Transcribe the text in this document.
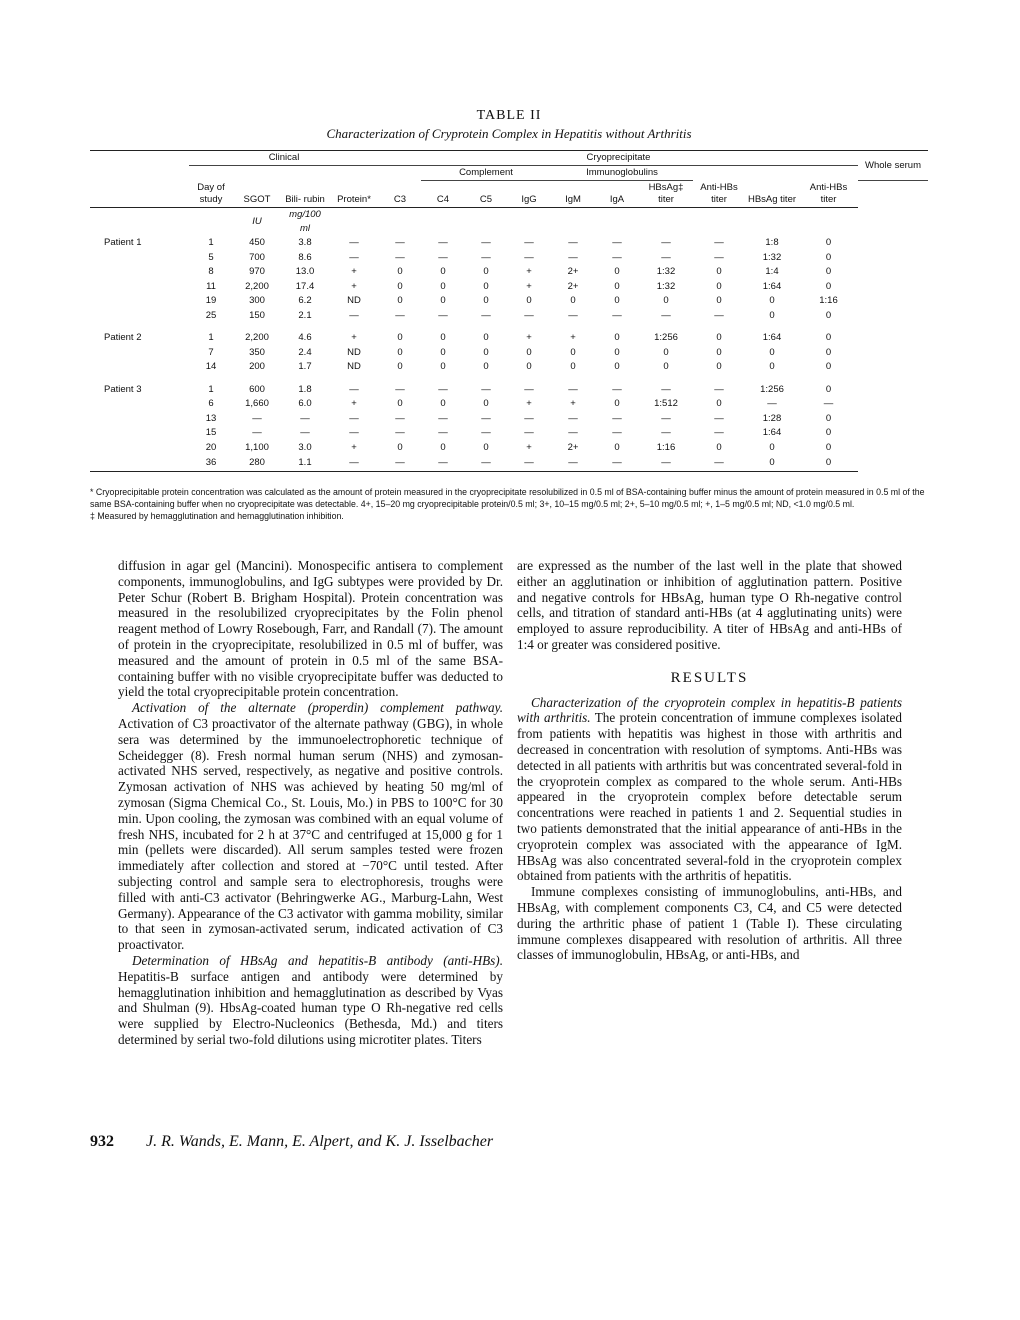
TABLE II
Characterization of Cryprotein Complex in Hepatitis without Arthritis
	Clinical				Cryoprecipitate										Whole serum
						Complement			Immunoglobulins						
	Day of study	SGOT	Bili- rubin	Protein*	C3	C4	C5	IgG	IgM	IgA	HBsAg‡ titer	Anti-HBs titer	HBsAg titer	Anti-HBs titer	
		IU	mg/100 ml												
Patient 1	1	450	3.8	—	—	—	—	—	—	—	—	—	1:8	0	
	5	700	8.6	—	—	—	—	—	—	—	—	—	1:32	0	
	8	970	13.0	+	0	0	0	+	2+	0	1:32	0	1:4	0	
	11	2,200	17.4	+	0	0	0	+	2+	0	1:32	0	1:64	0	
	19	300	6.2	ND	0	0	0	0	0	0	0	0	0	1:16	
	25	150	2.1	—	—	—	—	—	—	—	—	—	0	0	

Patient 2	1	2,200	4.6	+	0	0	0	+	+	0	1:256	0	1:64	0	
	7	350	2.4	ND	0	0	0	0	0	0	0	0	0	0	
	14	200	1.7	ND	0	0	0	0	0	0	0	0	0	0	

Patient 3	1	600	1.8	—	—	—	—	—	—	—	—	—	1:256	0	
	6	1,660	6.0	+	0	0	0	+	+	0	1:512	0	—	—	
	13	—	—	—	—	—	—	—	—	—	—	—	1:28	0	
	15	—	—	—	—	—	—	—	—	—	—	—	1:64	0	
	20	1,100	3.0	+	0	0	0	+	2+	0	1:16	0	0	0	
	36	280	1.1	—	—	—	—	—	—	—	—	—	0	0	

* Cryoprecipitable protein concentration was calculated as the amount of protein measured in the cryoprecipitate resolubilized in 0.5 ml of BSA-containing buffer minus the amount of protein measured in 0.5 ml of the same BSA-containing buffer when no cryoprecipitate was detectable. 4+, 15–20 mg cryoprecipitable protein/0.5 ml; 3+, 10–15 mg/0.5 ml; 2+, 5–10 mg/0.5 ml; +, 1–5 mg/0.5 ml; ND, <1.0 mg/0.5 ml.

‡ Measured by hemagglutination and hemagglutination inhibition.

diffusion in agar gel (Mancini). Monospecific antisera to complement components, immunoglobulins, and IgG subtypes were provided by Dr. Peter Schur (Robert B. Brigham Hospital). Protein concentration was measured in the resolubilized cryoprecipitates by the Folin phenol reagent method of Lowry Rosebough, Farr, and Randall (7). The amount of protein in the cryoprecipitate, resolubilized in 0.5 ml of buffer, was measured and the amount of protein in 0.5 ml of the same BSA-containing buffer with no visible cryoprecipitate buffer was deducted to yield the total cryoprecipitable protein concentration.

Activation of the alternate (properdin) complement pathway. Activation of C3 proactivator of the alternate pathway (GBG), in whole sera was determined by the immunoelectrophoretic technique of Scheidegger (8). Fresh normal human serum (NHS) and zymosan-activated NHS served, respectively, as negative and positive controls. Zymosan activation of NHS was achieved by heating 50 mg/ml of zymosan (Sigma Chemical Co., St. Louis, Mo.) in PBS to 100°C for 30 min. Upon cooling, the zymosan was combined with an equal volume of fresh NHS, incubated for 2 h at 37°C and centrifuged at 15,000 g for 1 min (pellets were discarded). All serum samples tested were frozen immediately after collection and stored at −70°C until tested. After subjecting control and sample sera to electrophoresis, troughs were filled with anti-C3 activator (Behringwerke AG., Marburg-Lahn, West Germany). Appearance of the C3 activator with gamma mobility, similar to that seen in zymosan-activated serum, indicated activation of C3 proactivator.

Determination of HBsAg and hepatitis-B antibody (anti-HBs). Hepatitis-B surface antigen and antibody were determined by hemagglutination inhibition and hemagglutination as described by Vyas and Shulman (9). HbsAg-coated human type O Rh-negative red cells were supplied by Electro-Nucleonics (Bethesda, Md.) and titers determined by serial two-fold dilutions using microtiter plates. Titers

are expressed as the number of the last well in the plate that showed either an agglutination or inhibition of agglutination pattern. Positive and negative controls for HBsAg, human type O Rh-negative control cells, and titration of standard anti-HBs (at 4 agglutinating units) were employed to assure reproducibility. A titer of HBsAg and anti-HBs of 1:4 or greater was considered positive.

RESULTS

Characterization of the cryoprotein complex in hepatitis-B patients with arthritis. The protein concentration of immune complexes isolated from patients with hepatitis was highest in those with arthritis and decreased in concentration with resolution of symptoms. Anti-HBs was detected in all patients with arthritis but was concentrated several-fold in the cryoprotein complex as compared to the whole serum. Anti-HBs appeared in the cryoprotein complex before detectable serum concentrations were reached in patients 1 and 2. Sequential studies in two patients demonstrated that the initial appearance of anti-HBs in the cryoprotein complex was associated with the appearance of IgM. HBsAg was also concentrated several-fold in the cryoprotein complex obtained from patients with the arthritis of hepatitis.

Immune complexes consisting of immunoglobulins, anti-HBs, and HBsAg, with complement components C3, C4, and C5 were detected during the arthritic phase of patient 1 (Table I). These circulating immune complexes disappeared with resolution of arthritis. All three classes of immunoglobulin, HBsAg, or anti-HBs, and

932 J. R. Wands, E. Mann, E. Alpert, and K. J. Isselbacher
